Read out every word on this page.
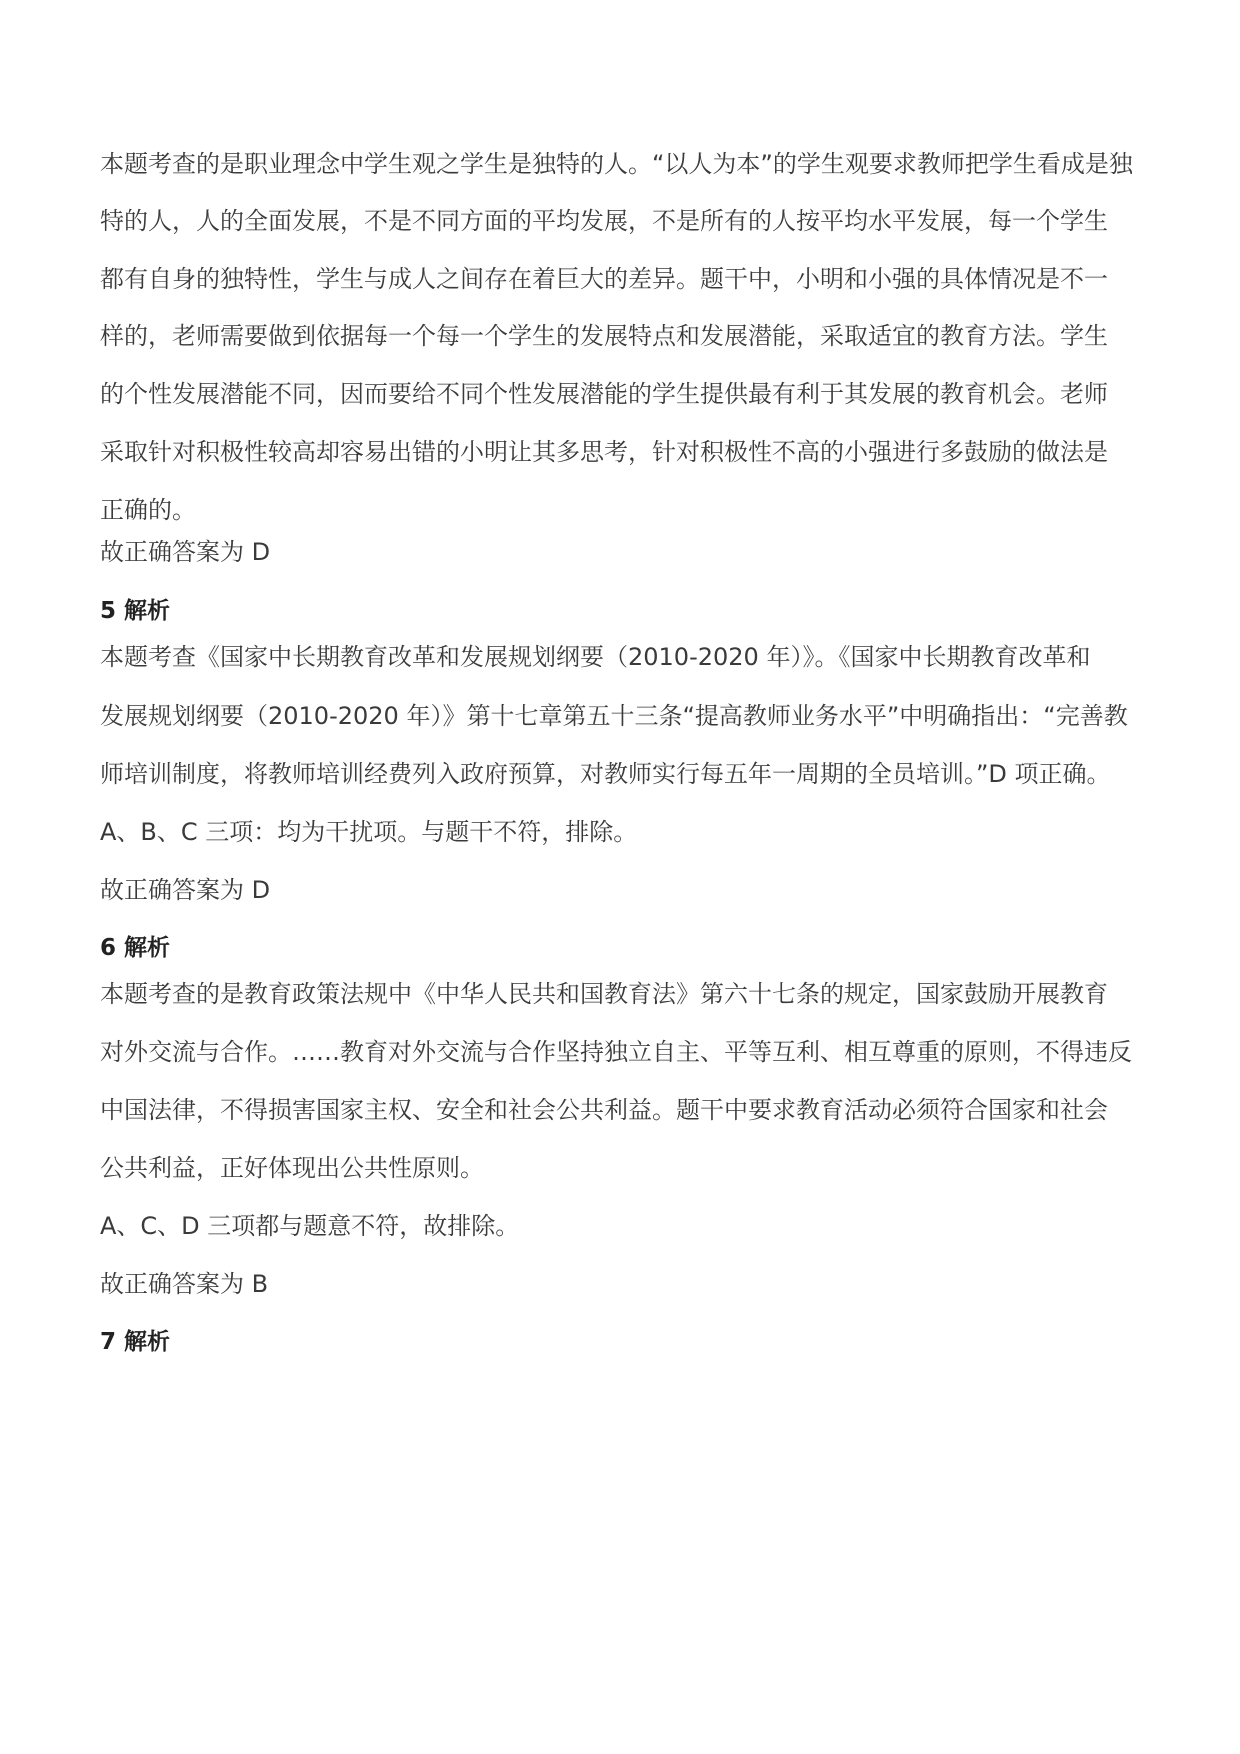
本题考查的是职业理念中学生观之学生是独特的人。“以人为本”的学生观要求教师把学生看成是独
特的人，人的全面发展，不是不同方面的平均发展，不是所有的人按平均水平发展，每一个学生
都有自身的独特性，学生与成人之间存在着巨大的差异。题干中，小明和小强的具体情况是不一
样的，老师需要做到依据每一个每一个学生的发展特点和发展潜能，采取适宜的教育方法。学生
的个性发展潜能不同，因而要给不同个性发展潜能的学生提供最有利于其发展的教育机会。老师
采取针对积极性较高却容易出错的小明让其多思考，针对积极性不高的小强进行多鼓励的做法是
正确的。
故正确答案为 D
5 解析
本题考查《国家中长期教育改革和发展规划纲要（2010-2020 年）》。《国家中长期教育改革和
发展规划纲要（2010-2020 年）》第十七章第五十三条“提高教师业务水平”中明确指出：“完善教
师培训制度，将教师培训经费列入政府预算，对教师实行每五年一周期的全员培训。”D 项正确。
A、B、C 三项：均为干扰项。与题干不符，排除。
故正确答案为 D
6 解析
本题考查的是教育政策法规中《中华人民共和国教育法》第六十七条的规定，国家鼓励开展教育
对外交流与合作。……教育对外交流与合作坚持独立自主、平等互利、相互尊重的原则，不得违反
中国法律，不得损害国家主权、安全和社会公共利益。题干中要求教育活动必须符合国家和社会
公共利益，正好体现出公共性原则。
A、C、D 三项都与题意不符，故排除。
故正确答案为 B
7 解析
